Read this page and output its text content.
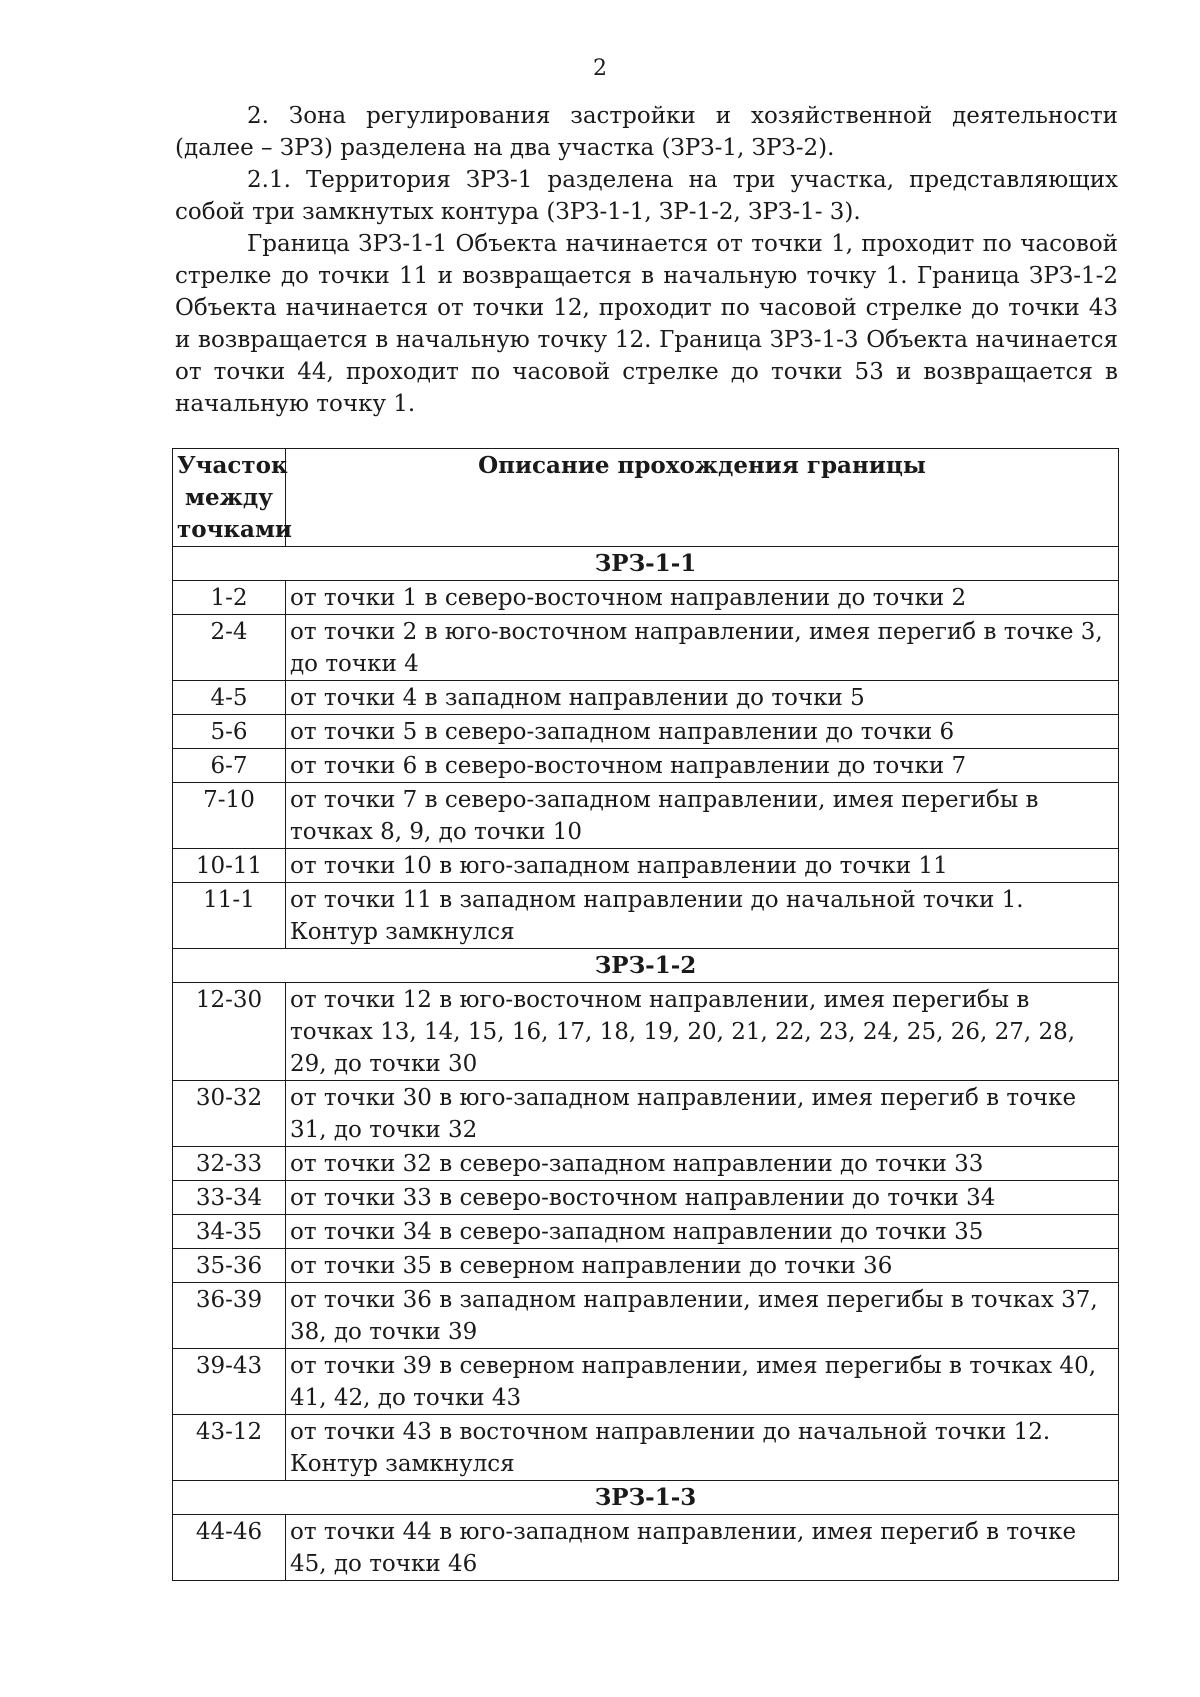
2

2. Зона регулирования застройки и хозяйственной деятельности (далее – ЗРЗ) разделена на два участка (ЗРЗ-1, ЗРЗ-2).

2.1. Территория ЗРЗ-1 разделена на три участка, представляющих собой три замкнутых контура (ЗРЗ-1-1, ЗР-1-2, ЗРЗ-1- 3).

Граница ЗРЗ-1-1 Объекта начинается от точки 1, проходит по часовой стрелке до точки 11 и возвращается в начальную точку 1. Граница ЗРЗ-1-2 Объекта начинается от точки 12, проходит по часовой стрелке до точки 43 и возвращается в начальную точку 12. Граница ЗРЗ-1-3 Объекта начинается от точки 44, проходит по часовой стрелке до точки 53 и возвращается в начальную точку 1.

Участок между точками	Описание прохождения границы
ЗРЗ-1-1	
1-2	от точки 1 в северо-восточном направлении до точки 2
2-4	от точки 2 в юго-восточном направлении, имея перегиб в точке 3, до точки 4
4-5	от точки 4 в западном направлении до точки 5
5-6	от точки 5 в северо-западном направлении до точки 6
6-7	от точки 6 в северо-восточном направлении до точки 7
7-10	от точки 7 в северо-западном направлении, имея перегибы в точках 8, 9, до точки 10
10-11	от точки 10 в юго-западном направлении до точки 11
11-1	от точки 11 в западном направлении до начальной точки 1. Контур замкнулся
ЗРЗ-1-2	
12-30	от точки 12 в юго-восточном направлении, имея перегибы в точках 13, 14, 15, 16, 17, 18, 19, 20, 21, 22, 23, 24, 25, 26, 27, 28, 29, до точки 30
30-32	от точки 30 в юго-западном направлении, имея перегиб в точке 31, до точки 32
32-33	от точки 32 в северо-западном направлении до точки 33
33-34	от точки 33 в северо-восточном направлении до точки 34
34-35	от точки 34 в северо-западном направлении до точки 35
35-36	от точки 35 в северном направлении до точки 36
36-39	от точки 36 в западном направлении, имея перегибы в точках 37, 38, до точки 39
39-43	от точки 39 в северном направлении, имея перегибы в точках 40, 41, 42, до точки 43
43-12	от точки 43 в восточном направлении до начальной точки 12. Контур замкнулся
ЗРЗ-1-3	
44-46	от точки 44 в юго-западном направлении, имея перегиб в точке 45, до точки 46
